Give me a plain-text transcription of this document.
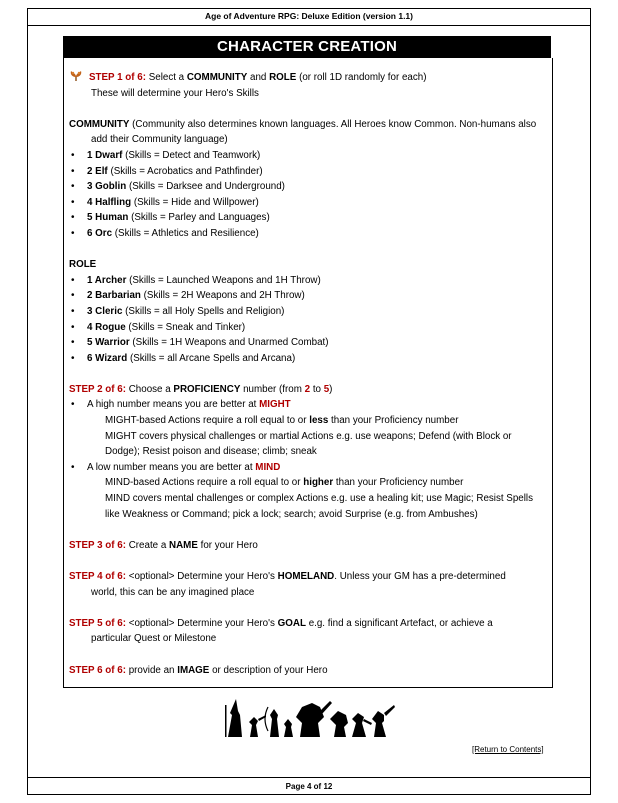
Age of Adventure RPG: Deluxe Edition (version 1.1)
CHARACTER CREATION

STEP 1 of 6: Select a COMMUNITY and ROLE (or roll 1D randomly for each)

These will determine your Hero's Skills

COMMUNITY (Community also determines known languages. All Heroes know Common. Non-humans also

add their Community language)

• 1 Dwarf (Skills = Detect and Teamwork)
• 2 Elf (Skills = Acrobatics and Pathfinder)
• 3 Goblin (Skills = Darksee and Underground)
• 4 Halfling (Skills = Hide and Willpower)
• 5 Human (Skills = Parley and Languages)
• 6 Orc (Skills = Athletics and Resilience)

ROLE

• 1 Archer (Skills = Launched Weapons and 1H Throw)
• 2 Barbarian (Skills = 2H Weapons and 2H Throw)
• 3 Cleric (Skills = all Holy Spells and Religion)
• 4 Rogue (Skills = Sneak and Tinker)
• 5 Warrior (Skills = 1H Weapons and Unarmed Combat)
• 6 Wizard (Skills = all Arcane Spells and Arcana)

STEP 2 of 6: Choose a PROFICIENCY number (from 2 to 5)

• A high number means you are better at MIGHT

MIGHT-based Actions require a roll equal to or less than your Proficiency number

MIGHT covers physical challenges or martial Actions e.g. use weapons; Defend (with Block or

Dodge); Resist poison and disease; climb; sneak

• A low number means you are better at MIND

MIND-based Actions require a roll equal to or higher than your Proficiency number

MIND covers mental challenges or complex Actions e.g. use a healing kit; use Magic; Resist Spells

like Weakness or Command; pick a lock; search; avoid Surprise (e.g. from Ambushes)

STEP 3 of 6: Create a NAME for your Hero

STEP 4 of 6: <optional> Determine your Hero's HOMELAND. Unless your GM has a pre-determined

world, this can be any imagined place

STEP 5 of 6: <optional> Determine your Hero's GOAL e.g. find a significant Artefact, or achieve a

particular Quest or Milestone

STEP 6 of 6: provide an IMAGE or description of your Hero

[Return to Contents]
Page 4 of 12
